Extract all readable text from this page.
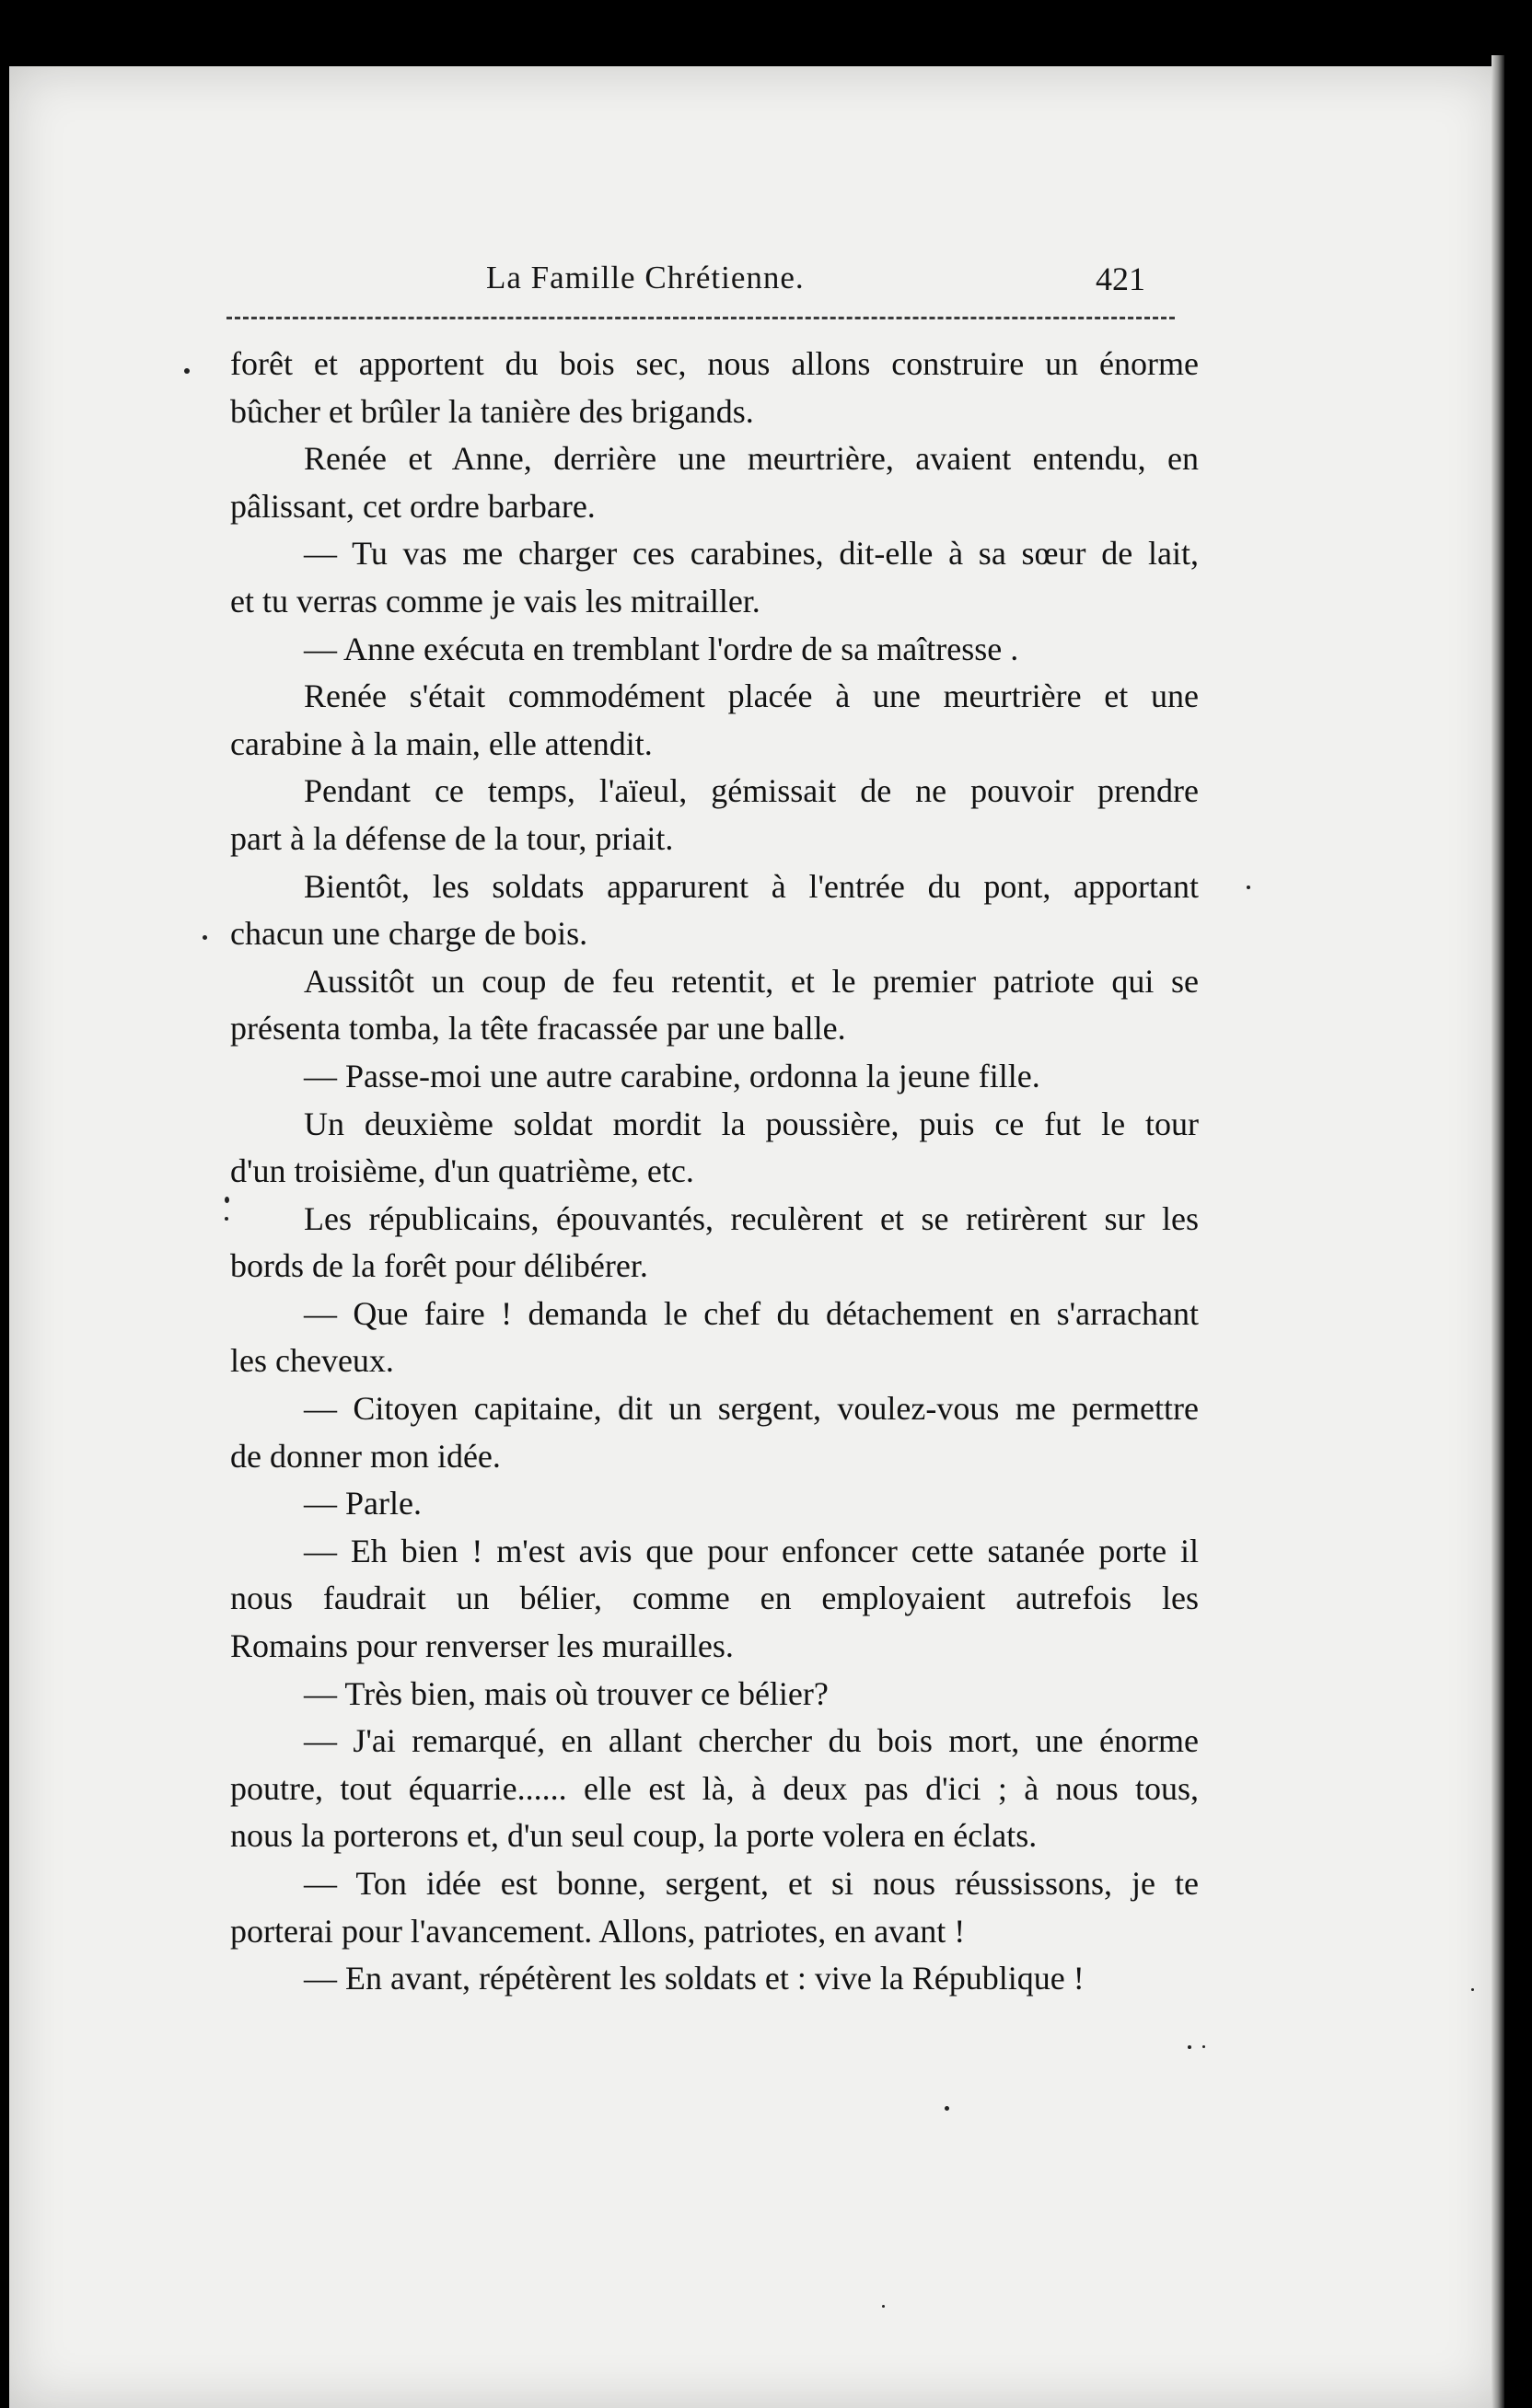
La Famille Chrétienne.	421
forêt et apportent du bois sec, nous allons construire un énorme
bûcher et brûler la tanière des brigands.
Renée et Anne, derrière une meurtrière, avaient entendu, en
pâlissant, cet ordre barbare.
— Tu vas me charger ces carabines, dit-elle à sa sœur de lait,
et tu verras comme je vais les mitrailler.
— Anne exécuta en tremblant l'ordre de sa maîtresse .
Renée s'était commodément placée à une meurtrière et une
carabine à la main, elle attendit.
Pendant ce temps, l'aïeul, gémissait de ne pouvoir prendre
part à la défense de la tour, priait.
Bientôt, les soldats apparurent à l'entrée du pont, apportant
chacun une charge de bois.
Aussitôt un coup de feu retentit, et le premier patriote qui se
présenta tomba, la tête fracassée par une balle.
— Passe-moi une autre carabine, ordonna la jeune fille.
Un deuxième soldat mordit la poussière, puis ce fut le tour
d'un troisième, d'un quatrième, etc.
Les républicains, épouvantés, reculèrent et se retirèrent sur les
bords de la forêt pour délibérer.
— Que faire ! demanda le chef du détachement en s'arrachant
les cheveux.
— Citoyen capitaine, dit un sergent, voulez-vous me permettre
de donner mon idée.
— Parle.
— Eh bien ! m'est avis que pour enfoncer cette satanée porte il
nous faudrait un bélier, comme en employaient autrefois les
Romains pour renverser les murailles.
— Très bien, mais où trouver ce bélier?
— J'ai remarqué, en allant chercher du bois mort, une énorme
poutre, tout équarrie...... elle est là, à deux pas d'ici ; à nous tous,
nous la porterons et, d'un seul coup, la porte volera en éclats.
— Ton idée est bonne, sergent, et si nous réussissons, je te
porterai pour l'avancement. Allons, patriotes, en avant !
— En avant, répétèrent les soldats et : vive la République !
